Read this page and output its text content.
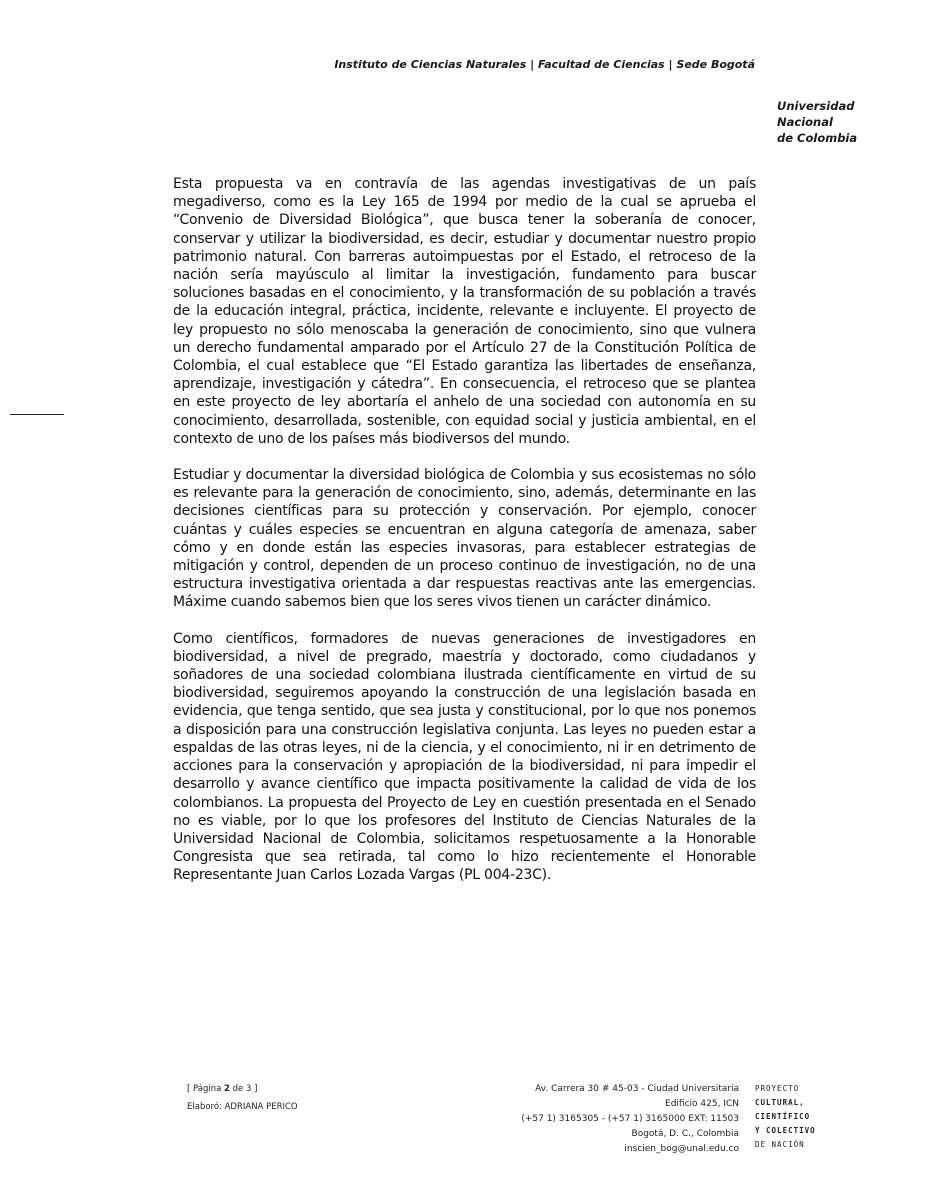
Instituto de Ciencias Naturales | Facultad de Ciencias | Sede Bogotá
Universidad
Nacional
de Colombia

Esta propuesta va en contravía de las agendas investigativas de un país megadiverso, como es la Ley 165 de 1994 por medio de la cual se aprueba el “Convenio de Diversidad Biológica”, que busca tener la soberanía de conocer, conservar y utilizar la biodiversidad, es decir, estudiar y documentar nuestro propio patrimonio natural. Con barreras autoimpuestas por el Estado, el retroceso de la nación sería mayúsculo al limitar la investigación, fundamento para buscar soluciones basadas en el conocimiento, y la transformación de su población a través de la educación integral, práctica, incidente, relevante e incluyente. El proyecto de ley propuesto no sólo menoscaba la generación de conocimiento, sino que vulnera un derecho fundamental amparado por el Artículo 27 de la Constitución Política de Colombia, el cual establece que “El Estado garantiza las libertades de enseñanza, aprendizaje, investigación y cátedra”. En consecuencia, el retroceso que se plantea en este proyecto de ley abortaría el anhelo de una sociedad con autonomía en su conocimiento, desarrollada, sostenible, con equidad social y justicia ambiental, en el contexto de uno de los países más biodiversos del mundo.

Estudiar y documentar la diversidad biológica de Colombia y sus ecosistemas no sólo es relevante para la generación de conocimiento, sino, además, determinante en las decisiones científicas para su protección y conservación. Por ejemplo, conocer cuántas y cuáles especies se encuentran en alguna categoría de amenaza, saber cómo y en donde están las especies invasoras, para establecer estrategias de mitigación y control, dependen de un proceso continuo de investigación, no de una estructura investigativa orientada a dar respuestas reactivas ante las emergencias. Máxime cuando sabemos bien que los seres vivos tienen un carácter dinámico.

Como científicos, formadores de nuevas generaciones de investigadores en biodiversidad, a nivel de pregrado, maestría y doctorado, como ciudadanos y soñadores de una sociedad colombiana ilustrada científicamente en virtud de su biodiversidad, seguiremos apoyando la construcción de una legislación basada en evidencia, que tenga sentido, que sea justa y constitucional, por lo que nos ponemos a disposición para una construcción legislativa conjunta. Las leyes no pueden estar a espaldas de las otras leyes, ni de la ciencia, y el conocimiento, ni ir en detrimento de acciones para la conservación y apropiación de la biodiversidad, ni para impedir el desarrollo y avance científico que impacta positivamente la calidad de vida de los colombianos. La propuesta del Proyecto de Ley en cuestión presentada en el Senado no es viable, por lo que los profesores del Instituto de Ciencias Naturales de la Universidad Nacional de Colombia, solicitamos respetuosamente a la Honorable Congresista que sea retirada, tal como lo hizo recientemente el Honorable Representante Juan Carlos Lozada Vargas (PL 004-23C).

[ Página 2 de 3 ]
Elaboró: ADRIANA PERICO
Av. Carrera 30 # 45-03 - Ciudad Universitaria
Edificio 425, ICN
(+57 1) 3165305 - (+57 1) 3165000 EXT: 11503
Bogotá, D. C., Colombia
inscien_bog@unal.edu.co
PROYECTO
CULTURAL,
CIENTÍFICO
Y COLECTIVO
DE NACIÓN
